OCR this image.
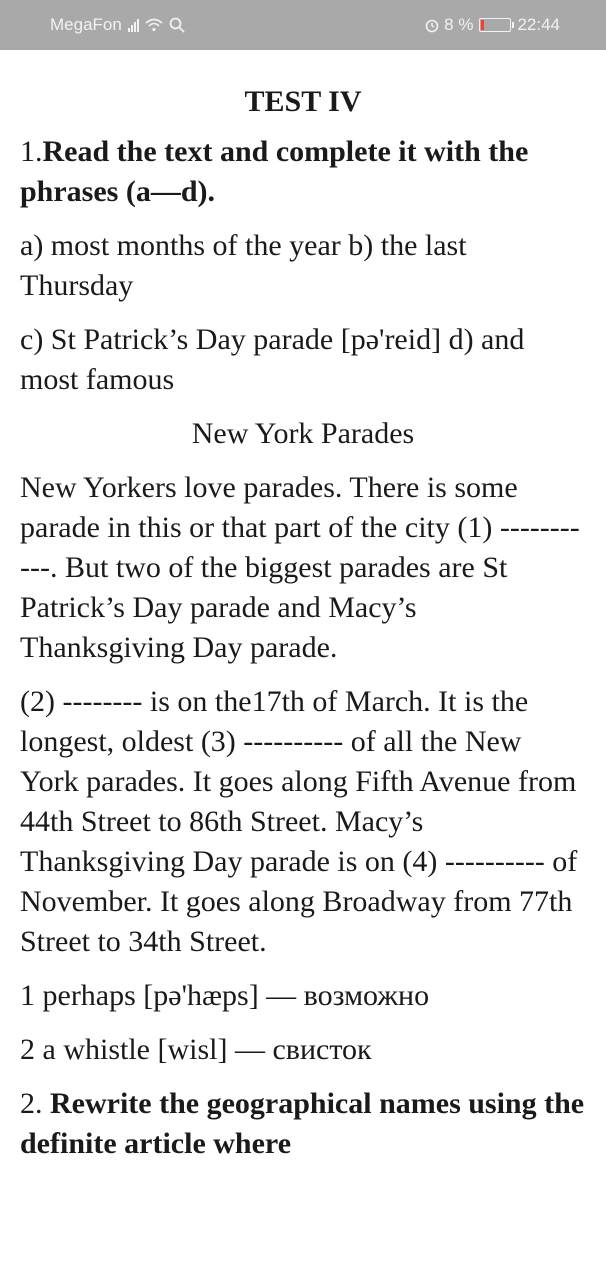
MegaFon	8 %	22:44
TEST IV
1.Read the text and complete it with the phrases (a—d).
a) most months of the year b) the last Thursday
c) St Patrick’s Day parade [pə'reid] d) and most famous
New York Parades
New Yorkers love parades. There is some parade in this or that part of the city (1) -----------. But two of the biggest parades are St Patrick’s Day parade and Macy’s Thanksgiving Day parade.
(2) -------- is on the17th of March. It is the longest, oldest (3) ---------- of all the New York parades. It goes along Fifth Avenue from 44th Street to 86th Street. Macy’s Thanksgiving Day parade is on (4) ---------- of November. It goes along Broadway from 77th Street to 34th Street.
1 perhaps [pə'hæps] — возможно
2 a whistle [wisl] — свисток
2. Rewrite the geographical names using the definite article where
